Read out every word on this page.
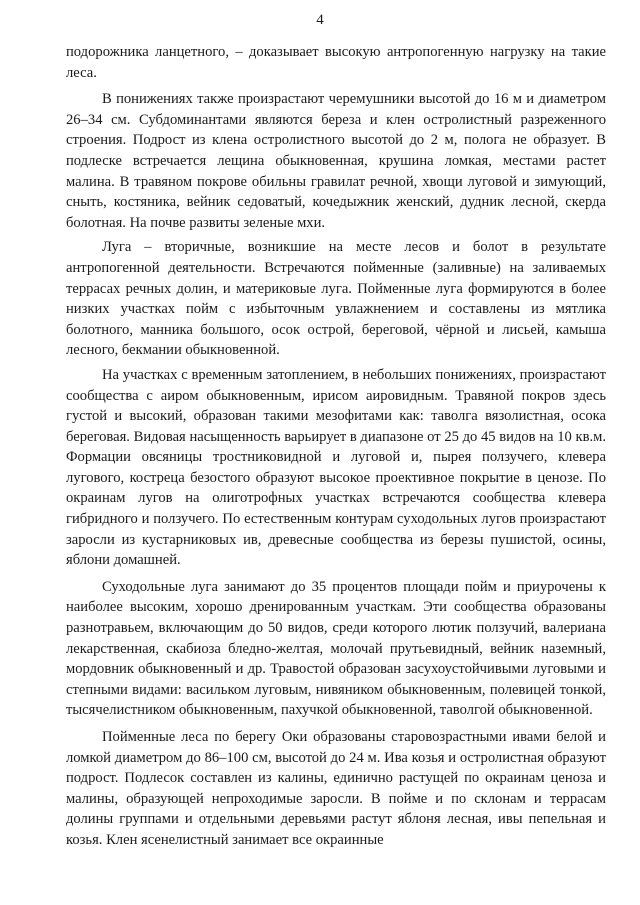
4

подорожника ланцетного, – доказывает высокую антропогенную нагрузку на такие леса.

В понижениях также произрастают черемушники высотой до 16 м и диаметром 26–34 см. Субдоминантами являются береза и клен остролистный разреженного строения. Подрост из клена остролистного высотой до 2 м, полога не образует. В подлеске встречается лещина обыкновенная, крушина ломкая, местами растет малина. В травяном покрове обильны гравилат речной, хвощи луговой и зимующий, сныть, костяника, вейник седоватый, кочедыжник женский, дудник лесной, скерда болотная. На почве развиты зеленые мхи.

Луга – вторичные, возникшие на месте лесов и болот в результате антропогенной деятельности. Встречаются пойменные (заливные) на заливаемых террасах речных долин, и материковые луга. Пойменные луга формируются в более низких участках пойм с избыточным увлажнением и составлены из мятлика болотного, манника большого, осок острой, береговой, чёрной и лисьей, камыша лесного, бекмании обыкновенной.

На участках с временным затоплением, в небольших понижениях, произрастают сообщества с аиром обыкновенным, ирисом аировидным. Травяной покров здесь густой и высокий, образован такими мезофитами как: таволга вязолистная, осока береговая. Видовая насыщенность варьирует в диапазоне от 25 до 45 видов на 10 кв.м. Формации овсяницы тростниковидной и луговой и, пырея ползучего, клевера лугового, костреца безостого образуют высокое проективное покрытие в ценозе. По окраинам лугов на олиготрофных участках встречаются сообщества клевера гибридного и ползучего. По естественным контурам суходольных лугов произрастают заросли из кустарниковых ив, древесные сообщества из березы пушистой, осины, яблони домашней.

Суходольные луга занимают до 35 процентов площади пойм и приурочены к наиболее высоким, хорошо дренированным участкам. Эти сообщества образованы разнотравьем, включающим до 50 видов, среди которого лютик ползучий, валериана лекарственная, скабиоза бледно-желтая, молочай прутьевидный, вейник наземный, мордовник обыкновенный и др. Травостой образован засухоустойчивыми луговыми и степными видами: васильком луговым, нивяником обыкновенным, полевицей тонкой, тысячелистником обыкновенным, пахучкой обыкновенной, таволгой обыкновенной.

Пойменные леса по берегу Оки образованы старовозрастными ивами белой и ломкой диаметром до 86–100 см, высотой до 24 м. Ива козья и остролистная образуют подрост. Подлесок составлен из калины, единично растущей по окраинам ценоза и малины, образующей непроходимые заросли. В пойме и по склонам и террасам долины группами и отдельными деревьями растут яблоня лесная, ивы пепельная и козья. Клен ясенелистный занимает все окраинные
